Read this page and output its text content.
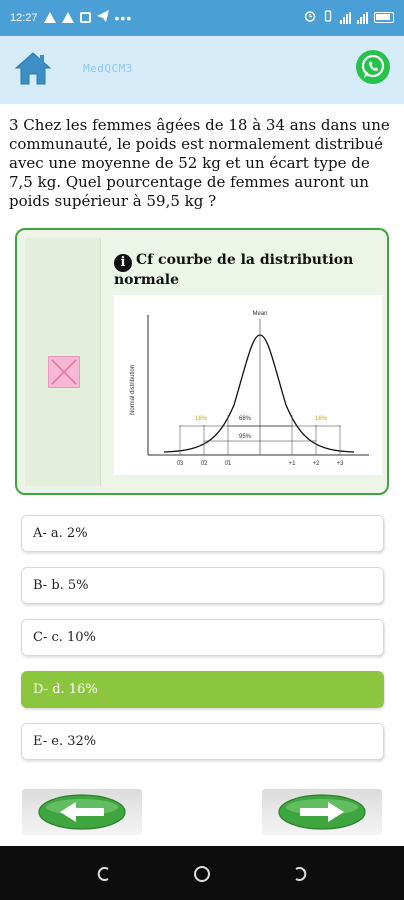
12:27	•••
MedQCM3
3 Chez les femmes âgées de 18 à 34 ans dans une communauté, le poids est normalement distribué avec une moyenne de 52 kg et un écart type de 7,5 kg. Quel pourcentage de femmes auront un poids supérieur à 59,5 kg ?
i Cf courbe de la distribution normale
Normal distribution
Mean
16%	68%	16%
95%
0̄3	0̄2	0̄1	+1	+2	+3
A- a. 2%
B- b. 5%
C- c. 10%
D- d. 16%
E- e. 32%
